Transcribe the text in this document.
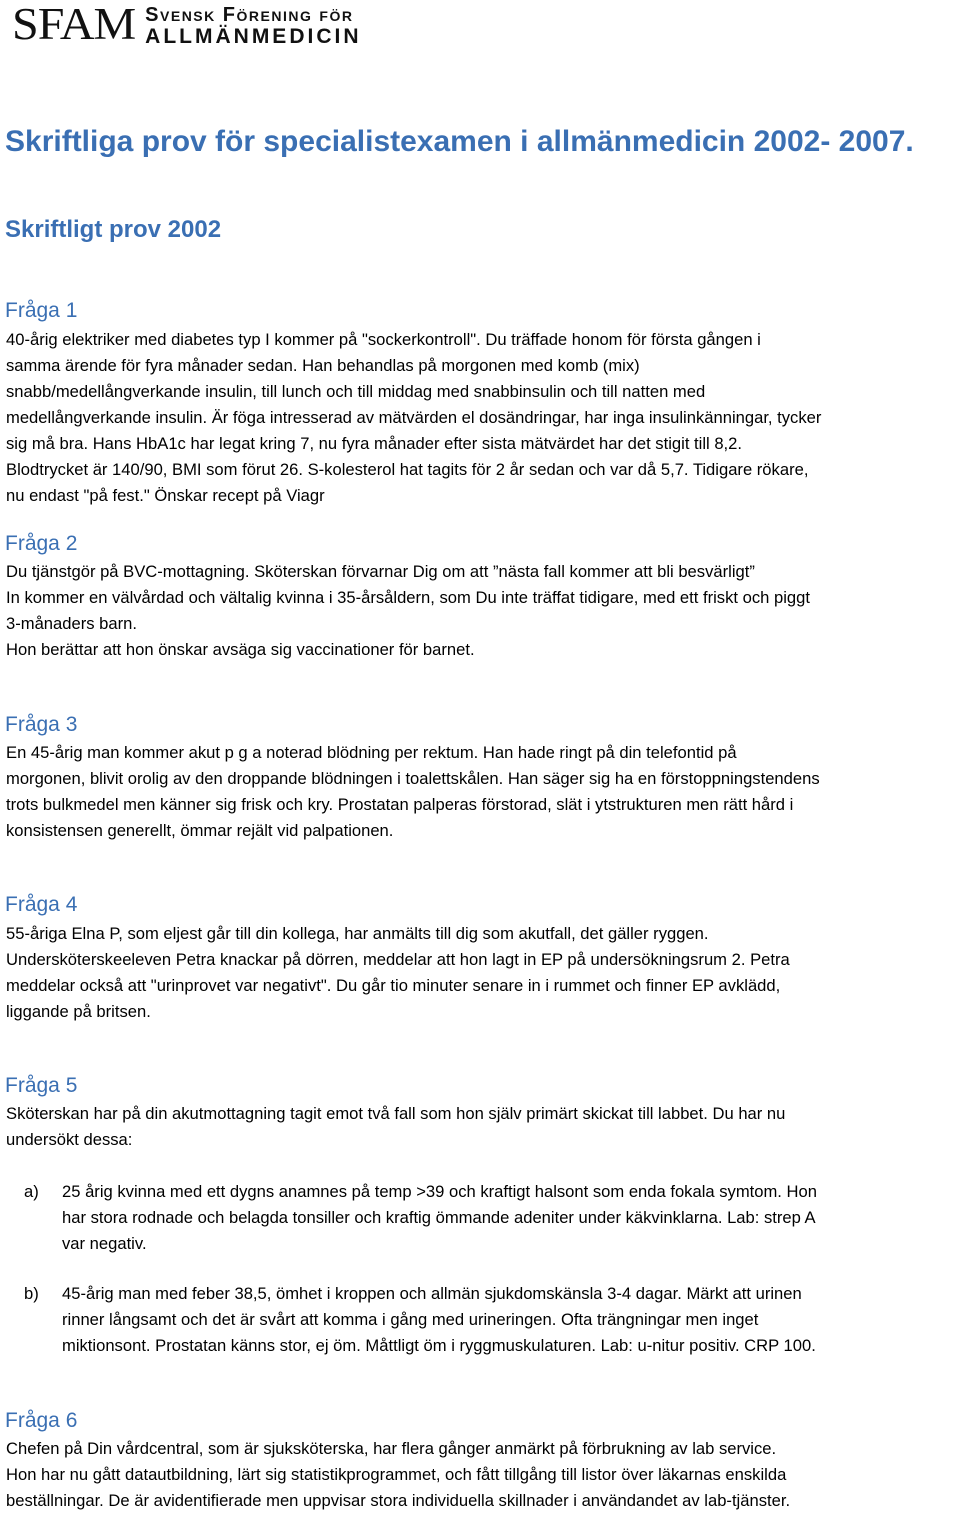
SFAM Svensk Förening för
ALLMÄNMEDICIN
Skriftliga prov för specialistexamen i allmänmedicin 2002- 2007.
Skriftligt prov 2002
Fråga 1

40-årig elektriker med diabetes typ I kommer på "sockerkontroll". Du träffade honom för första gången i

samma ärende för fyra månader sedan. Han behandlas på morgonen med komb (mix)

snabb/medellångverkande insulin, till lunch och till middag med snabbinsulin och till natten med

medellångverkande insulin. Är föga intresserad av mätvärden el dosändringar, har inga insulinkänningar, tycker

sig må bra. Hans HbA1c har legat kring 7, nu fyra månader efter sista mätvärdet har det stigit till 8,2.

Blodtrycket är 140/90, BMI som förut 26. S-kolesterol hat tagits för 2 år sedan och var då 5,7. Tidigare rökare,

nu endast "på fest." Önskar recept på Viagr

Fråga 2

Du tjänstgör på BVC-mottagning. Sköterskan förvarnar Dig om att ”nästa fall kommer att bli besvärligt”

In kommer en välvårdad och vältalig kvinna i 35-årsåldern, som Du inte träffat tidigare, med ett friskt och piggt

3-månaders barn.

Hon berättar att hon önskar avsäga sig vaccinationer för barnet.

Fråga 3

En 45-årig man kommer akut p g a noterad blödning per rektum. Han hade ringt på din telefontid på

morgonen, blivit orolig av den droppande blödningen i toalettskålen. Han säger sig ha en förstoppningstendens

trots bulkmedel men känner sig frisk och kry. Prostatan palperas förstorad, slät i ytstrukturen men rätt hård i

konsistensen generellt, ömmar rejält vid palpationen.

Fråga 4

55-åriga Elna P, som eljest går till din kollega, har anmälts till dig som akutfall, det gäller ryggen.

Undersköterskeeleven Petra knackar på dörren, meddelar att hon lagt in EP på undersökningsrum 2. Petra

meddelar också att "urinprovet var negativt". Du går tio minuter senare in i rummet och finner EP avklädd,

liggande på britsen.

Fråga 5

Sköterskan har på din akutmottagning tagit emot två fall som hon själv primärt skickat till labbet. Du har nu

undersökt dessa:

a) 25 årig kvinna med ett dygns anamnes på temp >39 och kraftigt halsont som enda fokala symtom. Hon

har stora rodnade och belagda tonsiller och kraftig ömmande adeniter under käkvinklarna. Lab: strep A

var negativ.

b) 45-årig man med feber 38,5, ömhet i kroppen och allmän sjukdomskänsla 3-4 dagar. Märkt att urinen

rinner långsamt och det är svårt att komma i gång med urineringen. Ofta trängningar men inget

miktionsont. Prostatan känns stor, ej öm. Måttligt öm i ryggmuskulaturen. Lab: u-nitur positiv. CRP 100.

Fråga 6

Chefen på Din vårdcentral, som är sjuksköterska, har flera gånger anmärkt på förbrukning av lab service.

Hon har nu gått datautbildning, lärt sig statistikprogrammet, och fått tillgång till listor över läkarnas enskilda

beställningar. De är avidentifierade men uppvisar stora individuella skillnader i användandet av lab-tjänster.
